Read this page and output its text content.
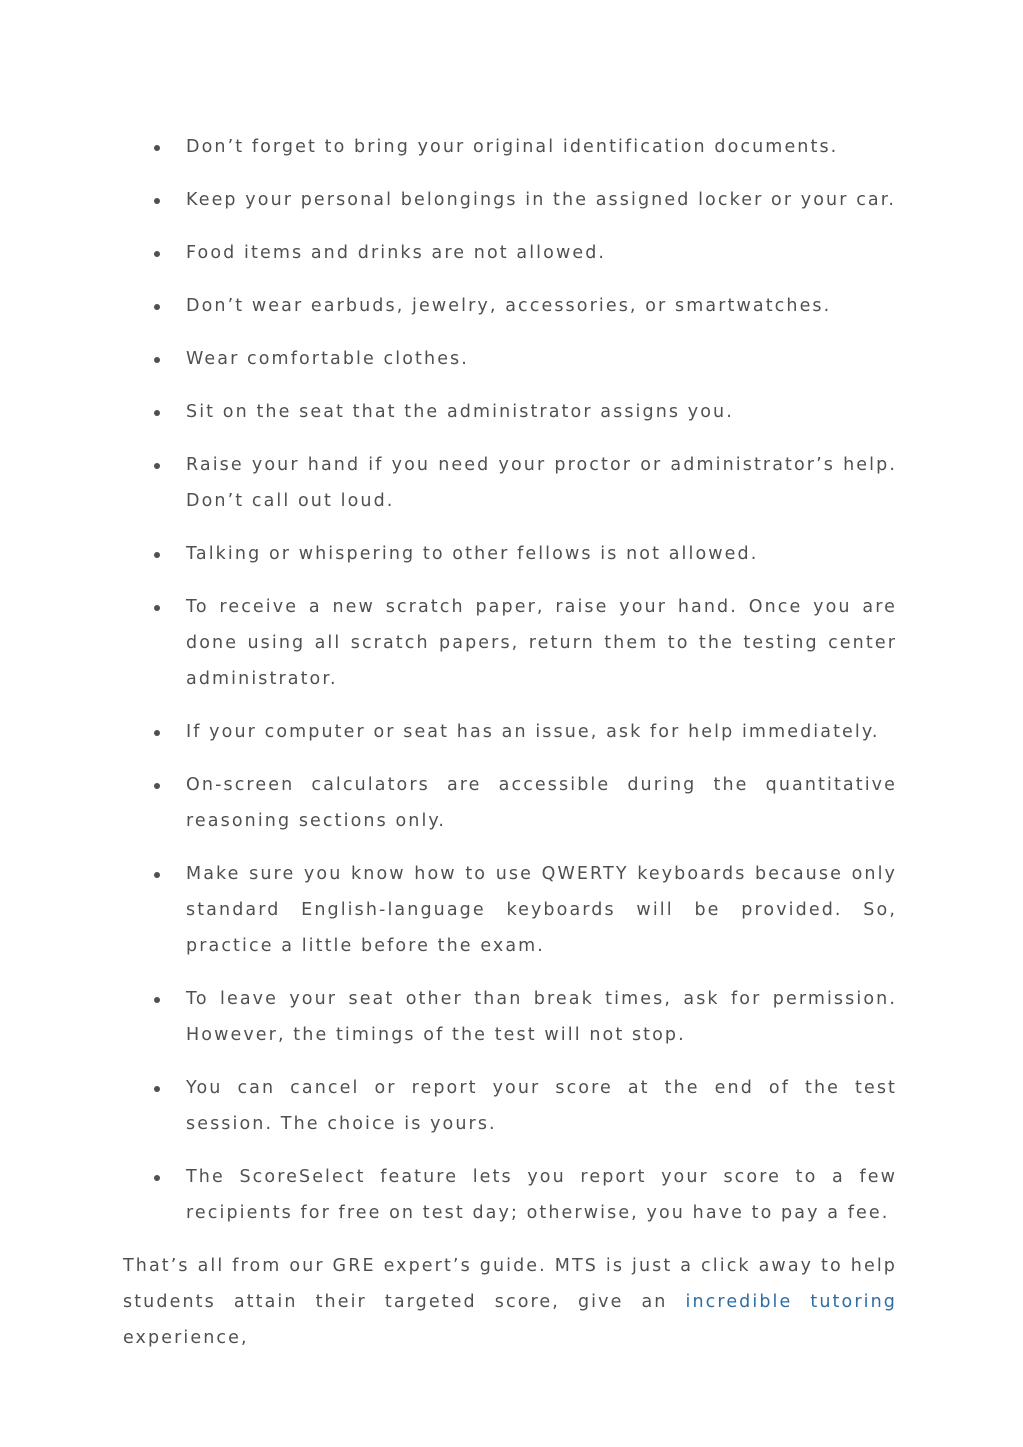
Don’t forget to bring your original identification documents.
Keep your personal belongings in the assigned locker or your car.
Food items and drinks are not allowed.
Don’t wear earbuds, jewelry, accessories, or smartwatches.
Wear comfortable clothes.
Sit on the seat that the administrator assigns you.
Raise your hand if you need your proctor or administrator’s help. Don’t call out loud.
Talking or whispering to other fellows is not allowed.
To receive a new scratch paper, raise your hand. Once you are done using all scratch papers, return them to the testing center administrator.
If your computer or seat has an issue, ask for help immediately.
On-screen calculators are accessible during the quantitative reasoning sections only.
Make sure you know how to use QWERTY keyboards because only standard English-language keyboards will be provided. So, practice a little before the exam.
To leave your seat other than break times, ask for permission. However, the timings of the test will not stop.
You can cancel or report your score at the end of the test session. The choice is yours.
The ScoreSelect feature lets you report your score to a few recipients for free on test day; otherwise, you have to pay a fee.

That’s all from our GRE expert’s guide. MTS is just a click away to help students attain their targeted score, give an incredible tutoring experience,
